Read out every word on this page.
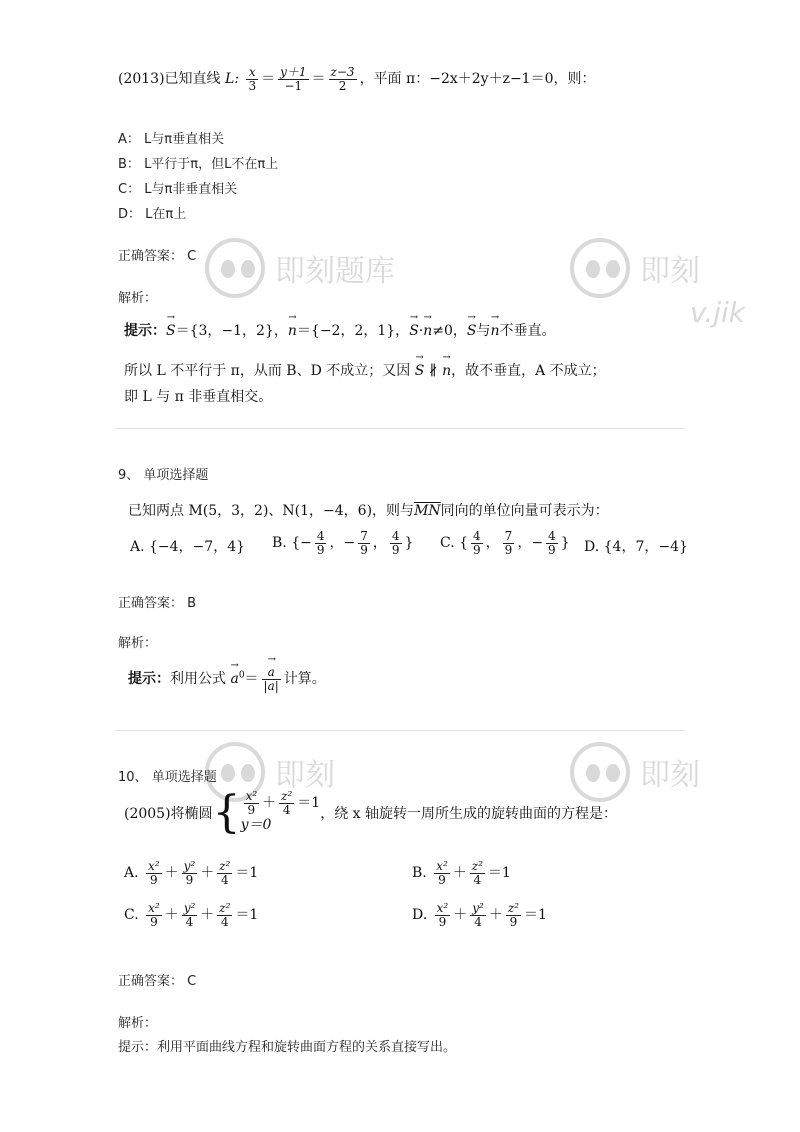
即刻题库	即刻
v.jik
即刻	即刻
(2013)已知直线 L: $\frac{x}{3} = \frac{y+1}{-1} = \frac{z-3}{2}$ ，平面 π：−2x＋2y＋z−1＝0，则：
A： L与π垂直相关
B： L平行于π，但L不在π上
C： L与π非垂直相关
D： L在π上
正确答案： C
解析：
提示：→ S＝{3，−1，2}，→ n＝{−2，2，1}，→ S·→ n≠0，→ S与→ n不垂直。
所以 L 不平行于 π，从而 B、D 不成立；又因 → S ∦ → n，故不垂直，A 不成立；
即 L 与 π 非垂直相交。
9、 单项选择题
已知两点 M(5，3，2)、N(1，−4，6)，则与$\overline{MN}$同向的单位向量可表示为：
A. {−4，−7，4} B. {− $\frac{4}{9}$ ，− $\frac{7}{9}$ ， $\frac{4}{9}$ } C. { $\frac{4}{9}$ ， $\frac{7}{9}$ ，− $\frac{4}{9}$ } D. {4，7，−4}
正确答案： B
解析：
提示：利用公式 → $a^0= \to \frac{a}{|a|}$ 计算。
10、 单项选择题
(2005)将椭圆{ $\frac{\text{x²}}{9} + \frac{\text{z²}}{4} =1$
y＝0
，绕 x 轴旋转一周所生成的旋转曲面的方程是：
A. $\frac{\text{x²}}{9} + \frac{\text{y²}}{9} + \frac{\text{z²}}{4} =1$	B. $\frac{\text{x²}}{9} + \frac{\text{z²}}{4} =1$
C. $\frac{\text{x²}}{9} + \frac{\text{y²}}{4} + \frac{\text{z²}}{4} =1$	D. $\frac{\text{x²}}{9} + \frac{\text{y²}}{4} + \frac{\text{z²}}{9} =1$
正确答案： C
解析：
提示：利用平面曲线方程和旋转曲面方程的关系直接写出。
